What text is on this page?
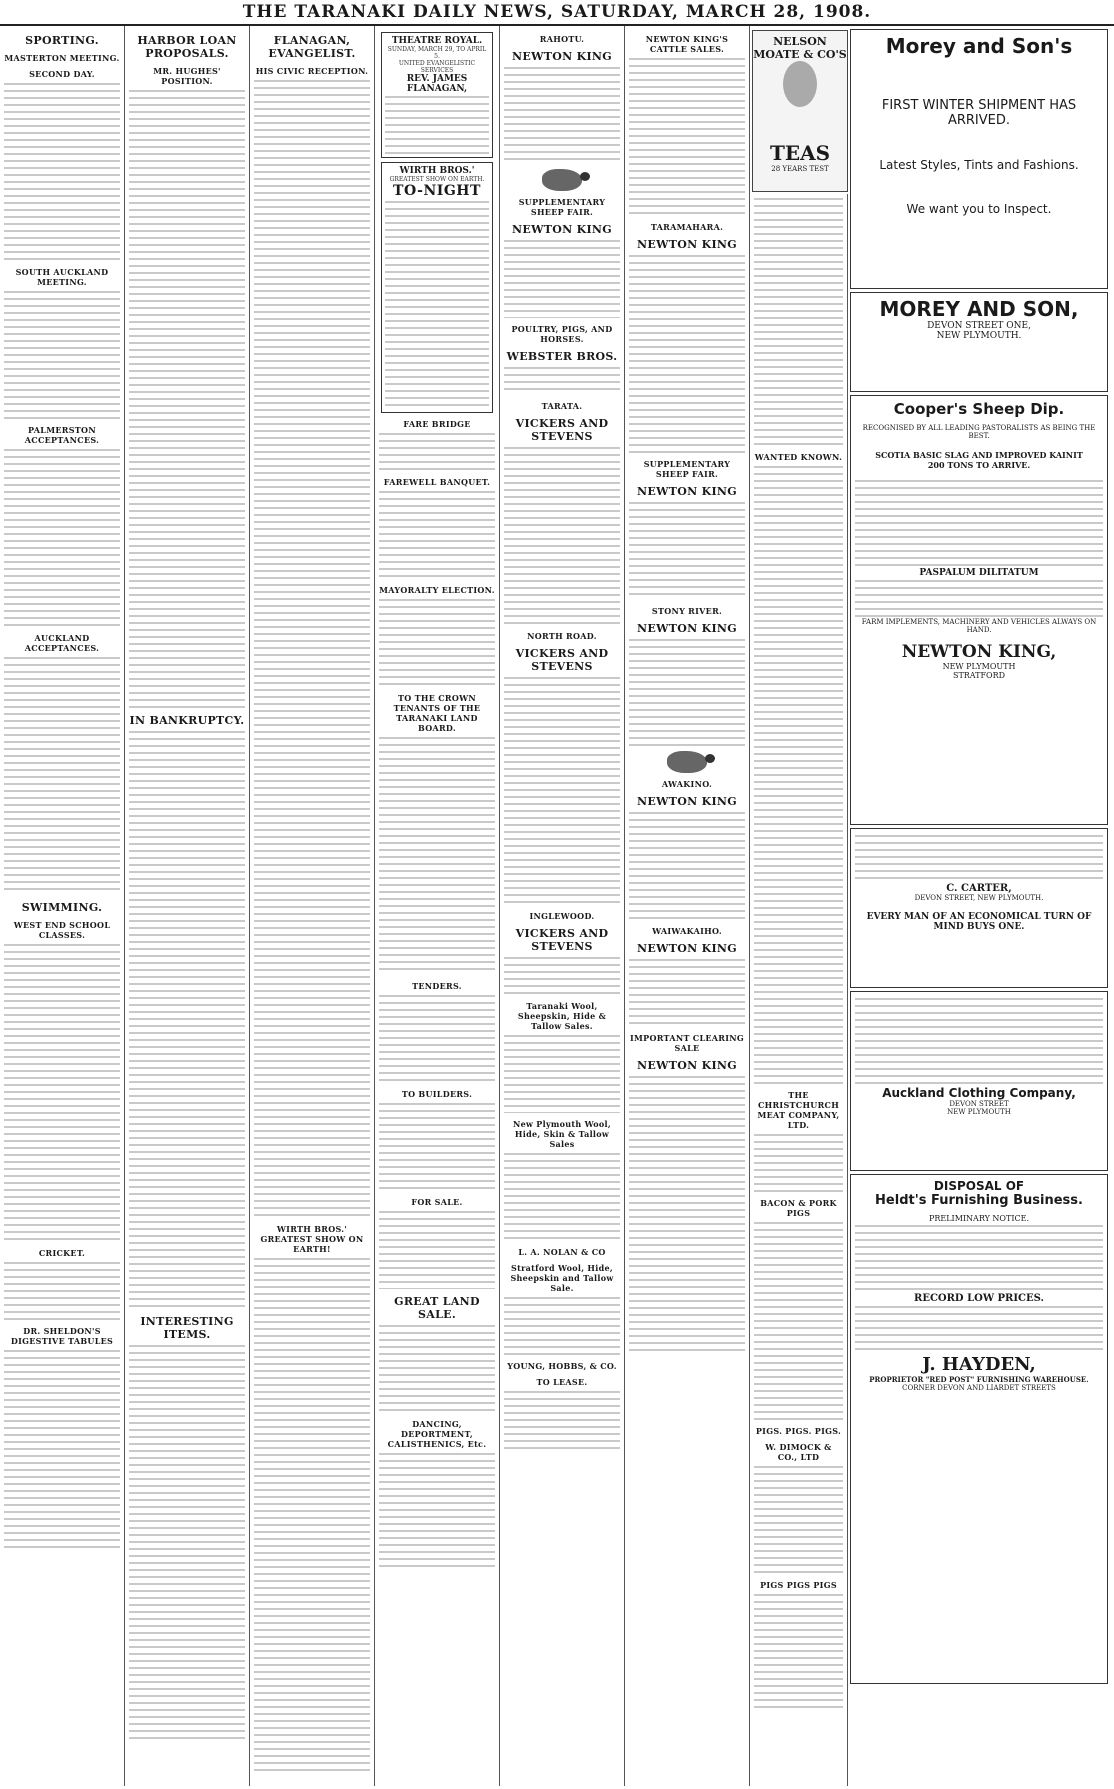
THE TARANAKI DAILY NEWS, SATURDAY, MARCH 28, 1908.
SPORTING.
MASTERTON MEETING.
SECOND DAY.
SOUTH AUCKLAND MEETING.
PALMERSTON ACCEPTANCES.
AUCKLAND ACCEPTANCES.
SWIMMING.
WEST END SCHOOL CLASSES.
CRICKET.
DR. SHELDON'S DIGESTIVE TABULES
HARBOR LOAN PROPOSALS.
MR. HUGHES' POSITION.
IN BANKRUPTCY.
INTERESTING ITEMS.
FLANAGAN, EVANGELIST.
HIS CIVIC RECEPTION.
WIRTH BROS.' GREATEST SHOW ON EARTH!
THEATRE ROYAL.
SUNDAY, MARCH 29, TO APRIL 5.
UNITED EVANGELISTIC SERVICES
REV. JAMES FLANAGAN,
WIRTH BROS.'
GREATEST SHOW ON EARTH.
TO-NIGHT
FARE BRIDGE
FAREWELL BANQUET.
MAYORALTY ELECTION.
TO THE CROWN TENANTS OF THE TARANAKI LAND BOARD.
TENDERS.
TO BUILDERS.
FOR SALE.
GREAT LAND SALE.
DANCING, DEPORTMENT, CALISTHENICS, Etc.
RAHOTU.
NEWTON KING
SUPPLEMENTARY SHEEP FAIR.
NEWTON KING
POULTRY, PIGS, AND HORSES.
WEBSTER BROS.
TARATA.
VICKERS AND STEVENS
NORTH ROAD.
VICKERS AND STEVENS
INGLEWOOD.
VICKERS AND STEVENS
Taranaki Wool, Sheepskin, Hide & Tallow Sales.
New Plymouth Wool, Hide, Skin & Tallow Sales
L. A. NOLAN & CO
Stratford Wool, Hide, Sheepskin and Tallow Sale.
YOUNG, HOBBS, & CO.
TO LEASE.
NEWTON KING'S CATTLE SALES.
TARAMAHARA.
NEWTON KING
SUPPLEMENTARY SHEEP FAIR.
NEWTON KING
STONY RIVER.
NEWTON KING
AWAKINO.
NEWTON KING
WAIWAKAIHO.
NEWTON KING
IMPORTANT CLEARING SALE
NEWTON KING
NELSON MOATE & CO'S
TEAS
28 YEARS TEST
WANTED KNOWN.
THE CHRISTCHURCH MEAT COMPANY, LTD.
BACON & PORK PIGS
PIGS. PIGS. PIGS.
W. DIMOCK & CO., LTD
PIGS PIGS PIGS
Morey and Son's
FIRST WINTER SHIPMENT HAS ARRIVED.
Latest Styles, Tints and Fashions.
We want you to Inspect.
MOREY AND SON,
DEVON STREET ONE,
NEW PLYMOUTH.
Cooper's Sheep Dip.
RECOGNISED BY ALL LEADING PASTORALISTS AS BEING THE BEST.
SCOTIA BASIC SLAG AND IMPROVED KAINIT
200 TONS TO ARRIVE.
PASPALUM DILITATUM
FARM IMPLEMENTS, MACHINERY AND VEHICLES ALWAYS ON HAND.
NEWTON KING,
NEW PLYMOUTH
STRATFORD
C. CARTER,
DEVON STREET, NEW PLYMOUTH.
EVERY MAN OF AN ECONOMICAL TURN OF MIND BUYS ONE.
Auckland Clothing Company,
DEVON STREET
NEW PLYMOUTH
DISPOSAL OF
Heldt's Furnishing Business.
PRELIMINARY NOTICE.
RECORD LOW PRICES.
J. HAYDEN,
PROPRIETOR "RED POST" FURNISHING WAREHOUSE.
CORNER DEVON AND LIARDET STREETS
